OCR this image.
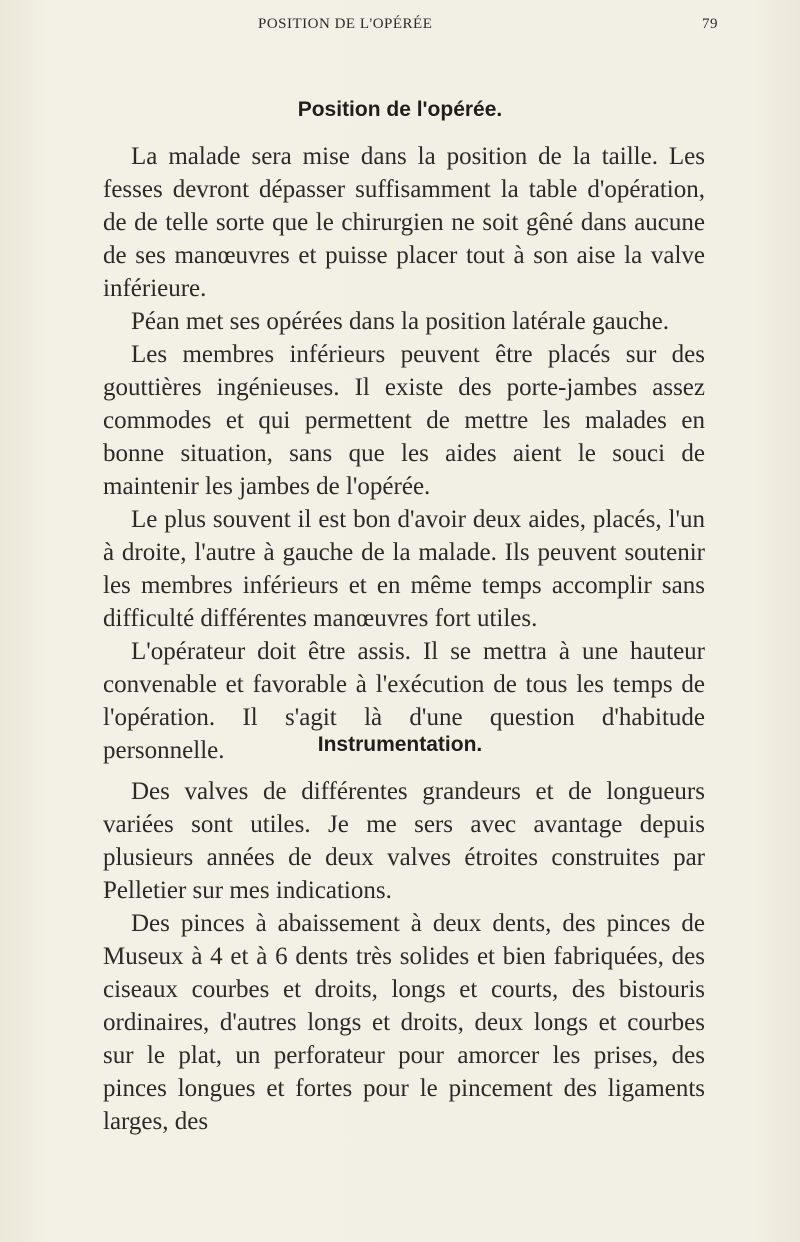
POSITION DE L'OPÉRÉE	79
Position de l'opérée.

La malade sera mise dans la position de la taille. Les fesses devront dépasser suffisamment la table d'opération, de de telle sorte que le chirurgien ne soit gêné dans aucune de ses manœuvres et puisse placer tout à son aise la valve inférieure.

Péan met ses opérées dans la position latérale gauche.

Les membres inférieurs peuvent être placés sur des gouttières ingénieuses. Il existe des porte-jambes assez commodes et qui permettent de mettre les malades en bonne situation, sans que les aides aient le souci de maintenir les jambes de l'opérée.

Le plus souvent il est bon d'avoir deux aides, placés, l'un à droite, l'autre à gauche de la malade. Ils peuvent soutenir les membres inférieurs et en même temps accomplir sans difficulté différentes manœuvres fort utiles.

L'opérateur doit être assis. Il se mettra à une hauteur convenable et favorable à l'exécution de tous les temps de l'opération. Il s'agit là d'une question d'habitude personnelle.	Instrumentation.

Des valves de différentes grandeurs et de longueurs variées sont utiles. Je me sers avec avantage depuis plusieurs années de deux valves étroites construites par Pelletier sur mes indications.

Des pinces à abaissement à deux dents, des pinces de Museux à 4 et à 6 dents très solides et bien fabriquées, des ciseaux courbes et droits, longs et courts, des bistouris ordinaires, d'autres longs et droits, deux longs et courbes sur le plat, un perforateur pour amorcer les prises, des pinces longues et fortes pour le pincement des ligaments larges, des
